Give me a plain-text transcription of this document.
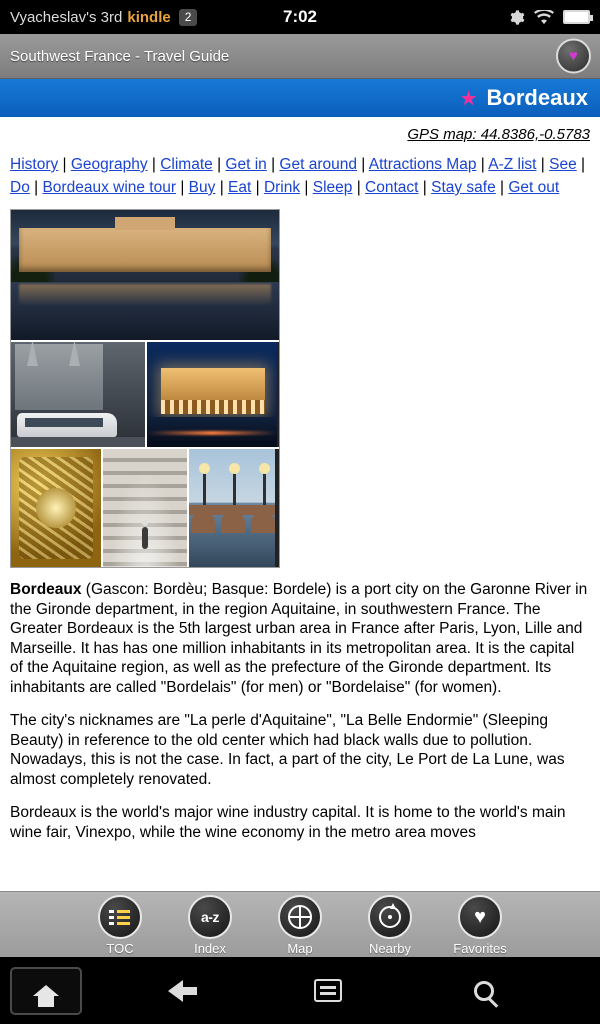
Vyacheslav's 3rd kindle	2	7:02
Southwest France - Travel Guide	♥
★ Bordeaux
GPS map: 44.8386,-0.5783
History | Geography | Climate | Get in | Get around | Attractions Map | A-Z list | See | Do | Bordeaux wine tour | Buy | Eat | Drink | Sleep | Contact | Stay safe | Get out

Bordeaux (Gascon: Bordèu; Basque: Bordele) is a port city on the Garonne River in the Gironde department, in the region Aquitaine, in southwestern France. The Greater Bordeaux is the 5th largest urban area in France after Paris, Lyon, Lille and Marseille. It has has one million inhabitants in its metropolitan area. It is the capital of the Aquitaine region, as well as the prefecture of the Gironde department. Its inhabitants are called "Bordelais" (for men) or "Bordelaise" (for women).

The city's nicknames are "La perle d'Aquitaine", "La Belle Endormie" (Sleeping Beauty) in reference to the old center which had black walls due to pollution. Nowadays, this is not the case. In fact, a part of the city, Le Port de La Lune, was almost completely renovated.

Bordeaux is the world's major wine industry capital. It is home to the world's main wine fair, Vinexpo, while the wine economy in the metro area moves

TOC
a-z
Index	Map	Nearby
♥
Favorites
